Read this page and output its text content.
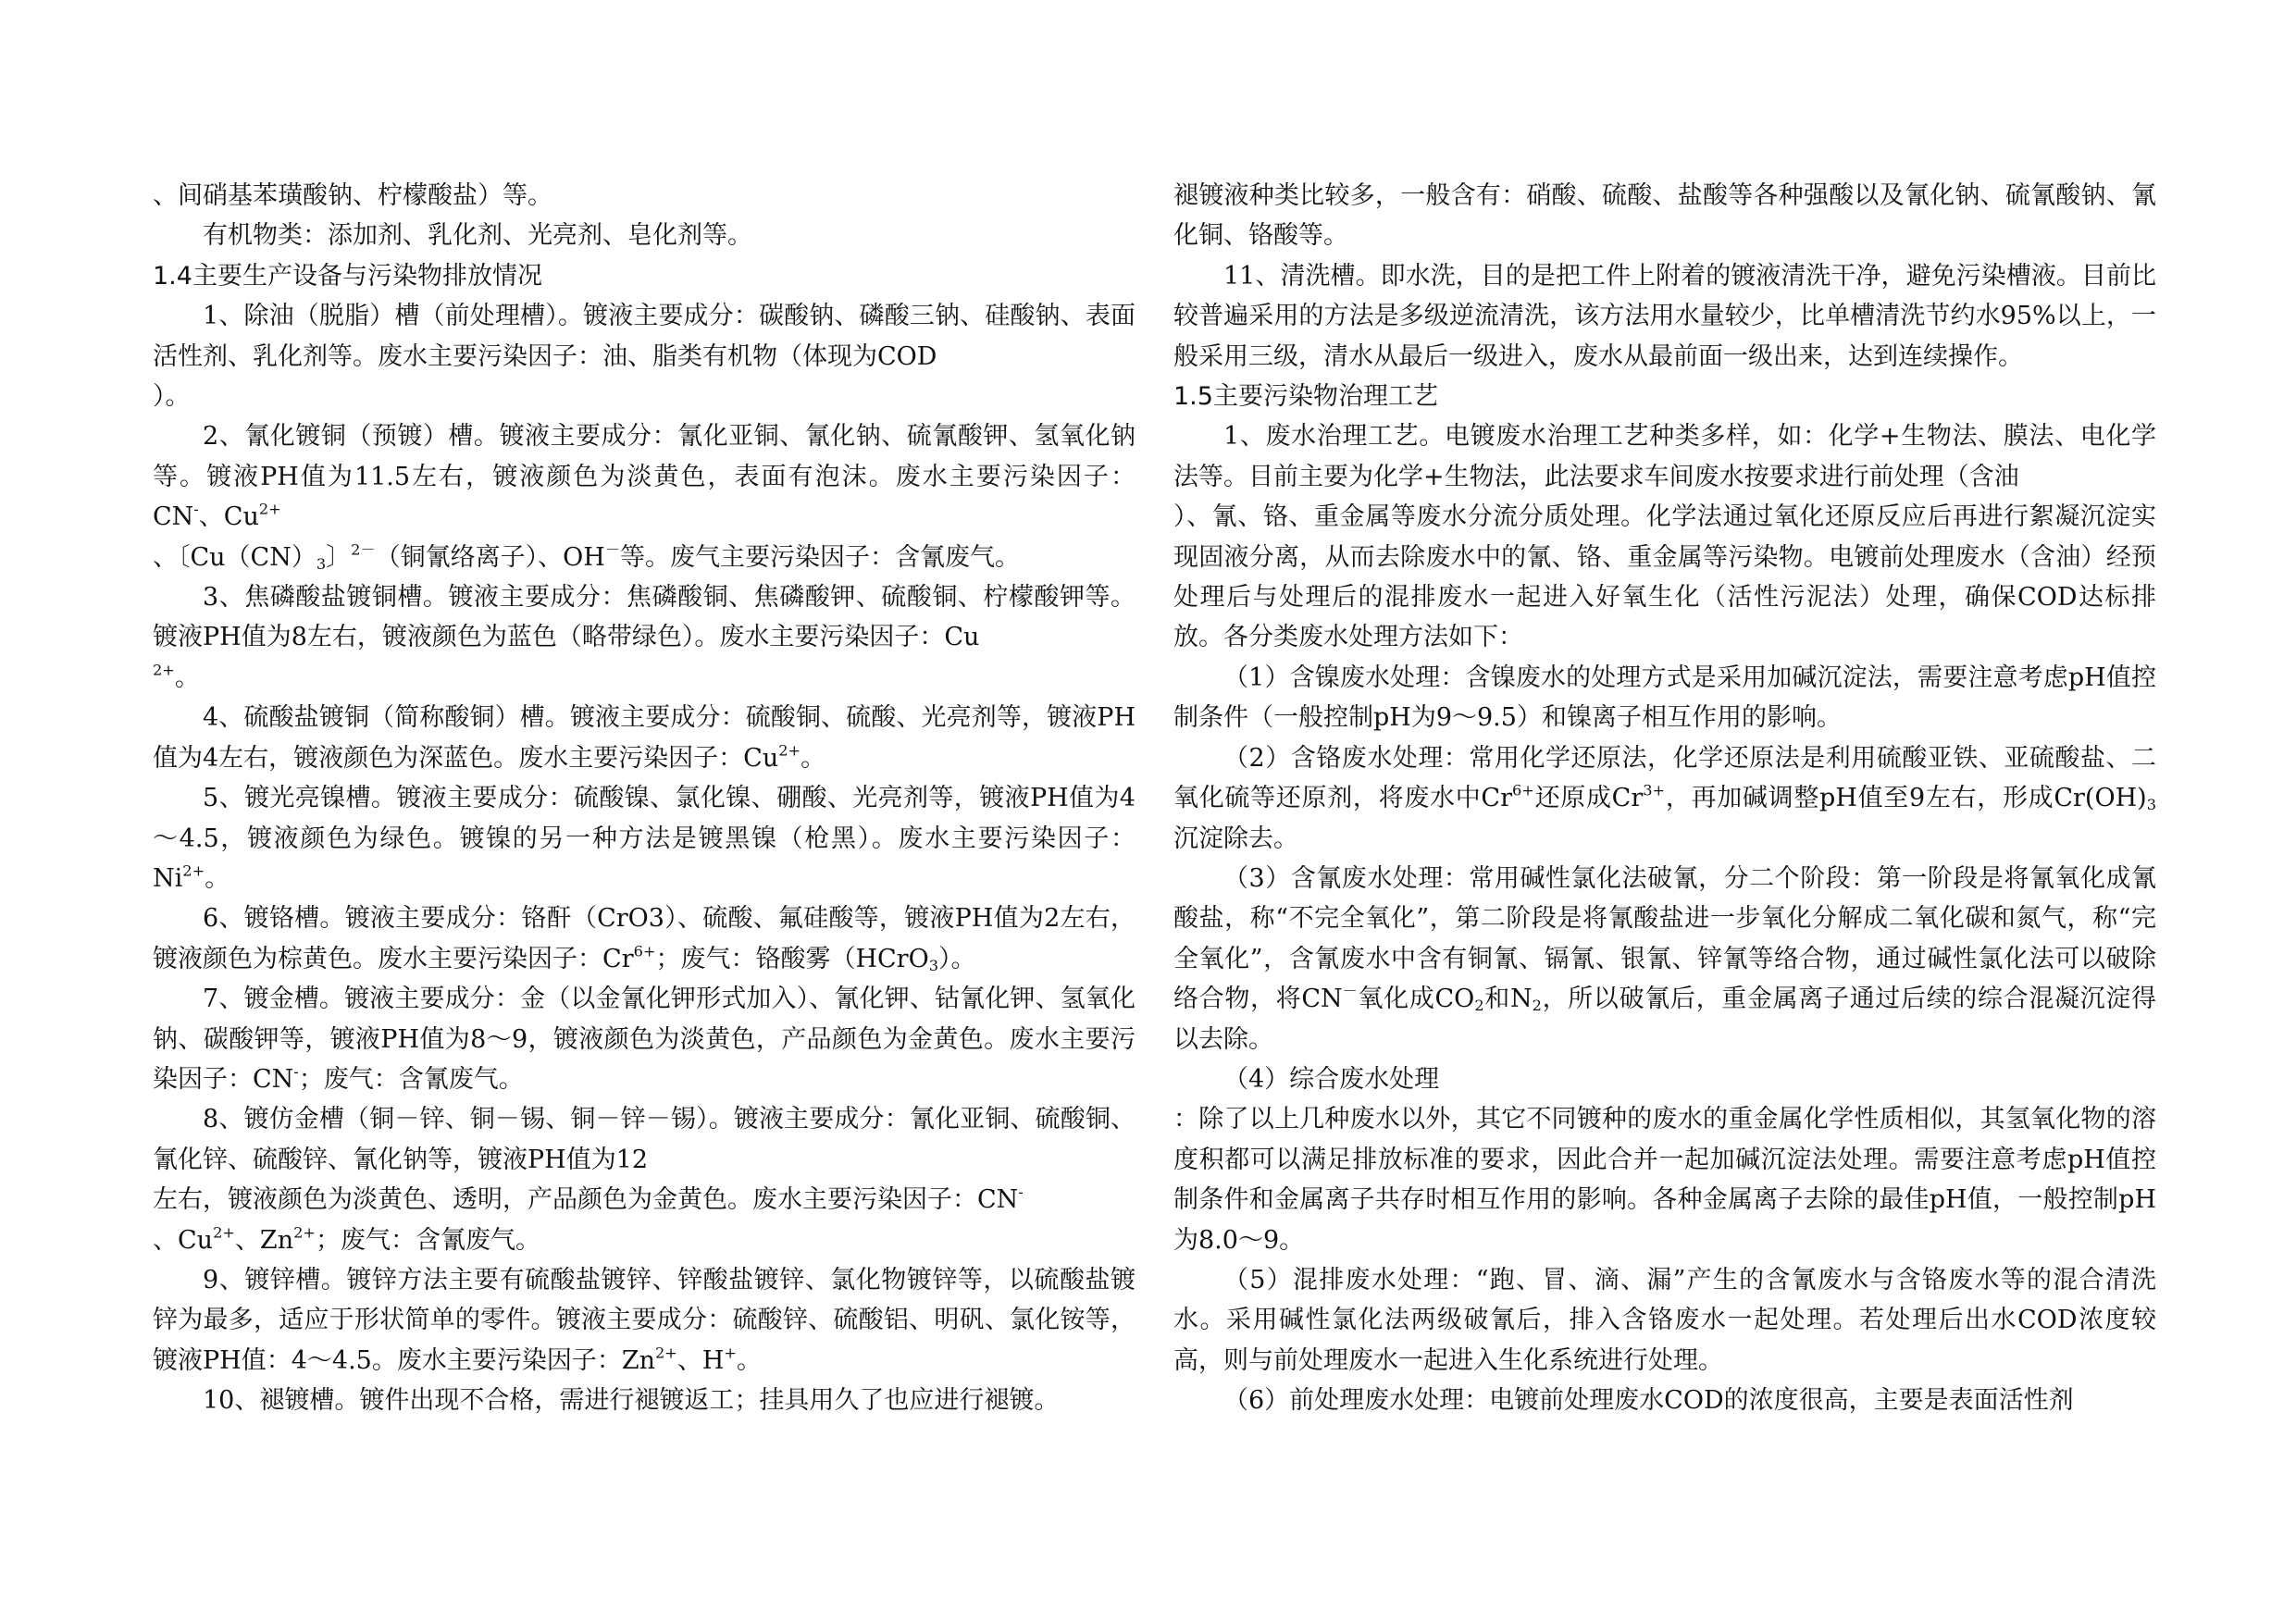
、间硝基苯璜酸钠、柠檬酸盐）等。

有机物类：添加剂、乳化剂、光亮剂、皂化剂等。

1.4主要生产设备与污染物排放情况

1、除油（脱脂）槽（前处理槽）。镀液主要成分：碳酸钠、磷酸三钠、硅酸钠、表面活性剂、乳化剂等。废水主要污染因子：油、脂类有机物（体现为COD
）。

2、氰化镀铜（预镀）槽。镀液主要成分：氰化亚铜、氰化钠、硫氰酸钾、氢氧化钠等。镀液PH值为11.5左右，镀液颜色为淡黄色，表面有泡沫。废水主要污染因子：CN-、$Cu^{2+}$
、〔$Cu(CN)_3$〕$^{2-}$（铜氰络离子）、OH－等。废气主要污染因子：含氰废气。

3、焦磷酸盐镀铜槽。镀液主要成分：焦磷酸铜、焦磷酸钾、硫酸铜、柠檬酸钾等。镀液PH值为8左右，镀液颜色为蓝色（略带绿色）。废水主要污染因子：Cu
$^{2+}$。

4、硫酸盐镀铜（简称酸铜）槽。镀液主要成分：硫酸铜、硫酸、光亮剂等，镀液PH值为4左右，镀液颜色为深蓝色。废水主要污染因子：$Cu^{2+}$。

5、镀光亮镍槽。镀液主要成分：硫酸镍、氯化镍、硼酸、光亮剂等，镀液PH值为4～4.5，镀液颜色为绿色。镀镍的另一种方法是镀黑镍（枪黑）。废水主要污染因子：$Ni^{2+}$。

6、镀铬槽。镀液主要成分：铬酐（CrO3）、硫酸、氟硅酸等，镀液PH值为2左右，镀液颜色为棕黄色。废水主要污染因子：$Cr^{6+}$；废气：铬酸雾（HCrO$_3$）。

7、镀金槽。镀液主要成分：金（以金氰化钾形式加入）、氰化钾、钴氰化钾、氢氧化钠、碳酸钾等，镀液PH值为8～9，镀液颜色为淡黄色，产品颜色为金黄色。废水主要污染因子：CN-；废气：含氰废气。

8、镀仿金槽（铜－锌、铜－锡、铜－锌－锡）。镀液主要成分：氰化亚铜、硫酸铜、氰化锌、硫酸锌、氰化钠等，镀液PH值为12
左右，镀液颜色为淡黄色、透明，产品颜色为金黄色。废水主要污染因子：CN-
、$Cu^{2+}$、$Zn^{2+}$；废气：含氰废气。

9、镀锌槽。镀锌方法主要有硫酸盐镀锌、锌酸盐镀锌、氯化物镀锌等，以硫酸盐镀锌为最多，适应于形状简单的零件。镀液主要成分：硫酸锌、硫酸铝、明矾、氯化铵等，镀液PH值：4～4.5。废水主要污染因子：$Zn^{2+}$、H+。

10、褪镀槽。镀件出现不合格，需进行褪镀返工；挂具用久了也应进行褪镀。

褪镀液种类比较多，一般含有：硝酸、硫酸、盐酸等各种强酸以及氰化钠、硫氰酸钠、氰化铜、铬酸等。

11、清洗槽。即水洗，目的是把工件上附着的镀液清洗干净，避免污染槽液。目前比较普遍采用的方法是多级逆流清洗，该方法用水量较少，比单槽清洗节约水95%以上，一般采用三级，清水从最后一级进入，废水从最前面一级出来，达到连续操作。

1.5主要污染物治理工艺

1、废水治理工艺。电镀废水治理工艺种类多样，如：化学+生物法、膜法、电化学法等。目前主要为化学+生物法，此法要求车间废水按要求进行前处理（含油
）、氰、铬、重金属等废水分流分质处理。化学法通过氧化还原反应后再进行絮凝沉淀实现固液分离，从而去除废水中的氰、铬、重金属等污染物。电镀前处理废水（含油）经预处理后与处理后的混排废水一起进入好氧生化（活性污泥法）处理，确保COD达标排放。各分类废水处理方法如下：

（1）含镍废水处理：含镍废水的处理方式是采用加碱沉淀法，需要注意考虑pH值控制条件（一般控制pH为9～9.5）和镍离子相互作用的影响。

（2）含铬废水处理：常用化学还原法，化学还原法是利用硫酸亚铁、亚硫酸盐、二氧化硫等还原剂，将废水中$Cr^{6+}$还原成$Cr^{3+}$，再加碱调整pH值至9左右，形成$Cr(OH)_3$沉淀除去。

（3）含氰废水处理：常用碱性氯化法破氰，分二个阶段：第一阶段是将氰氧化成氰酸盐，称“不完全氧化”，第二阶段是将氰酸盐进一步氧化分解成二氧化碳和氮气，称“完全氧化”，含氰废水中含有铜氰、镉氰、银氰、锌氰等络合物，通过碱性氯化法可以破除络合物，将CN－氧化成$CO_2$和$N_2$，所以破氰后，重金属离子通过后续的综合混凝沉淀得以去除。

（4）综合废水处理

：除了以上几种废水以外，其它不同镀种的废水的重金属化学性质相似，其氢氧化物的溶度积都可以满足排放标准的要求，因此合并一起加碱沉淀法处理。需要注意考虑pH值控制条件和金属离子共存时相互作用的影响。各种金属离子去除的最佳pH值，一般控制pH为8.0～9。

（5）混排废水处理：“跑、冒、滴、漏”产生的含氰废水与含铬废水等的混合清洗水。采用碱性氯化法两级破氰后，排入含铬废水一起处理。若处理后出水COD浓度较高，则与前处理废水一起进入生化系统进行处理。

（6）前处理废水处理：电镀前处理废水COD的浓度很高，主要是表面活性剂
